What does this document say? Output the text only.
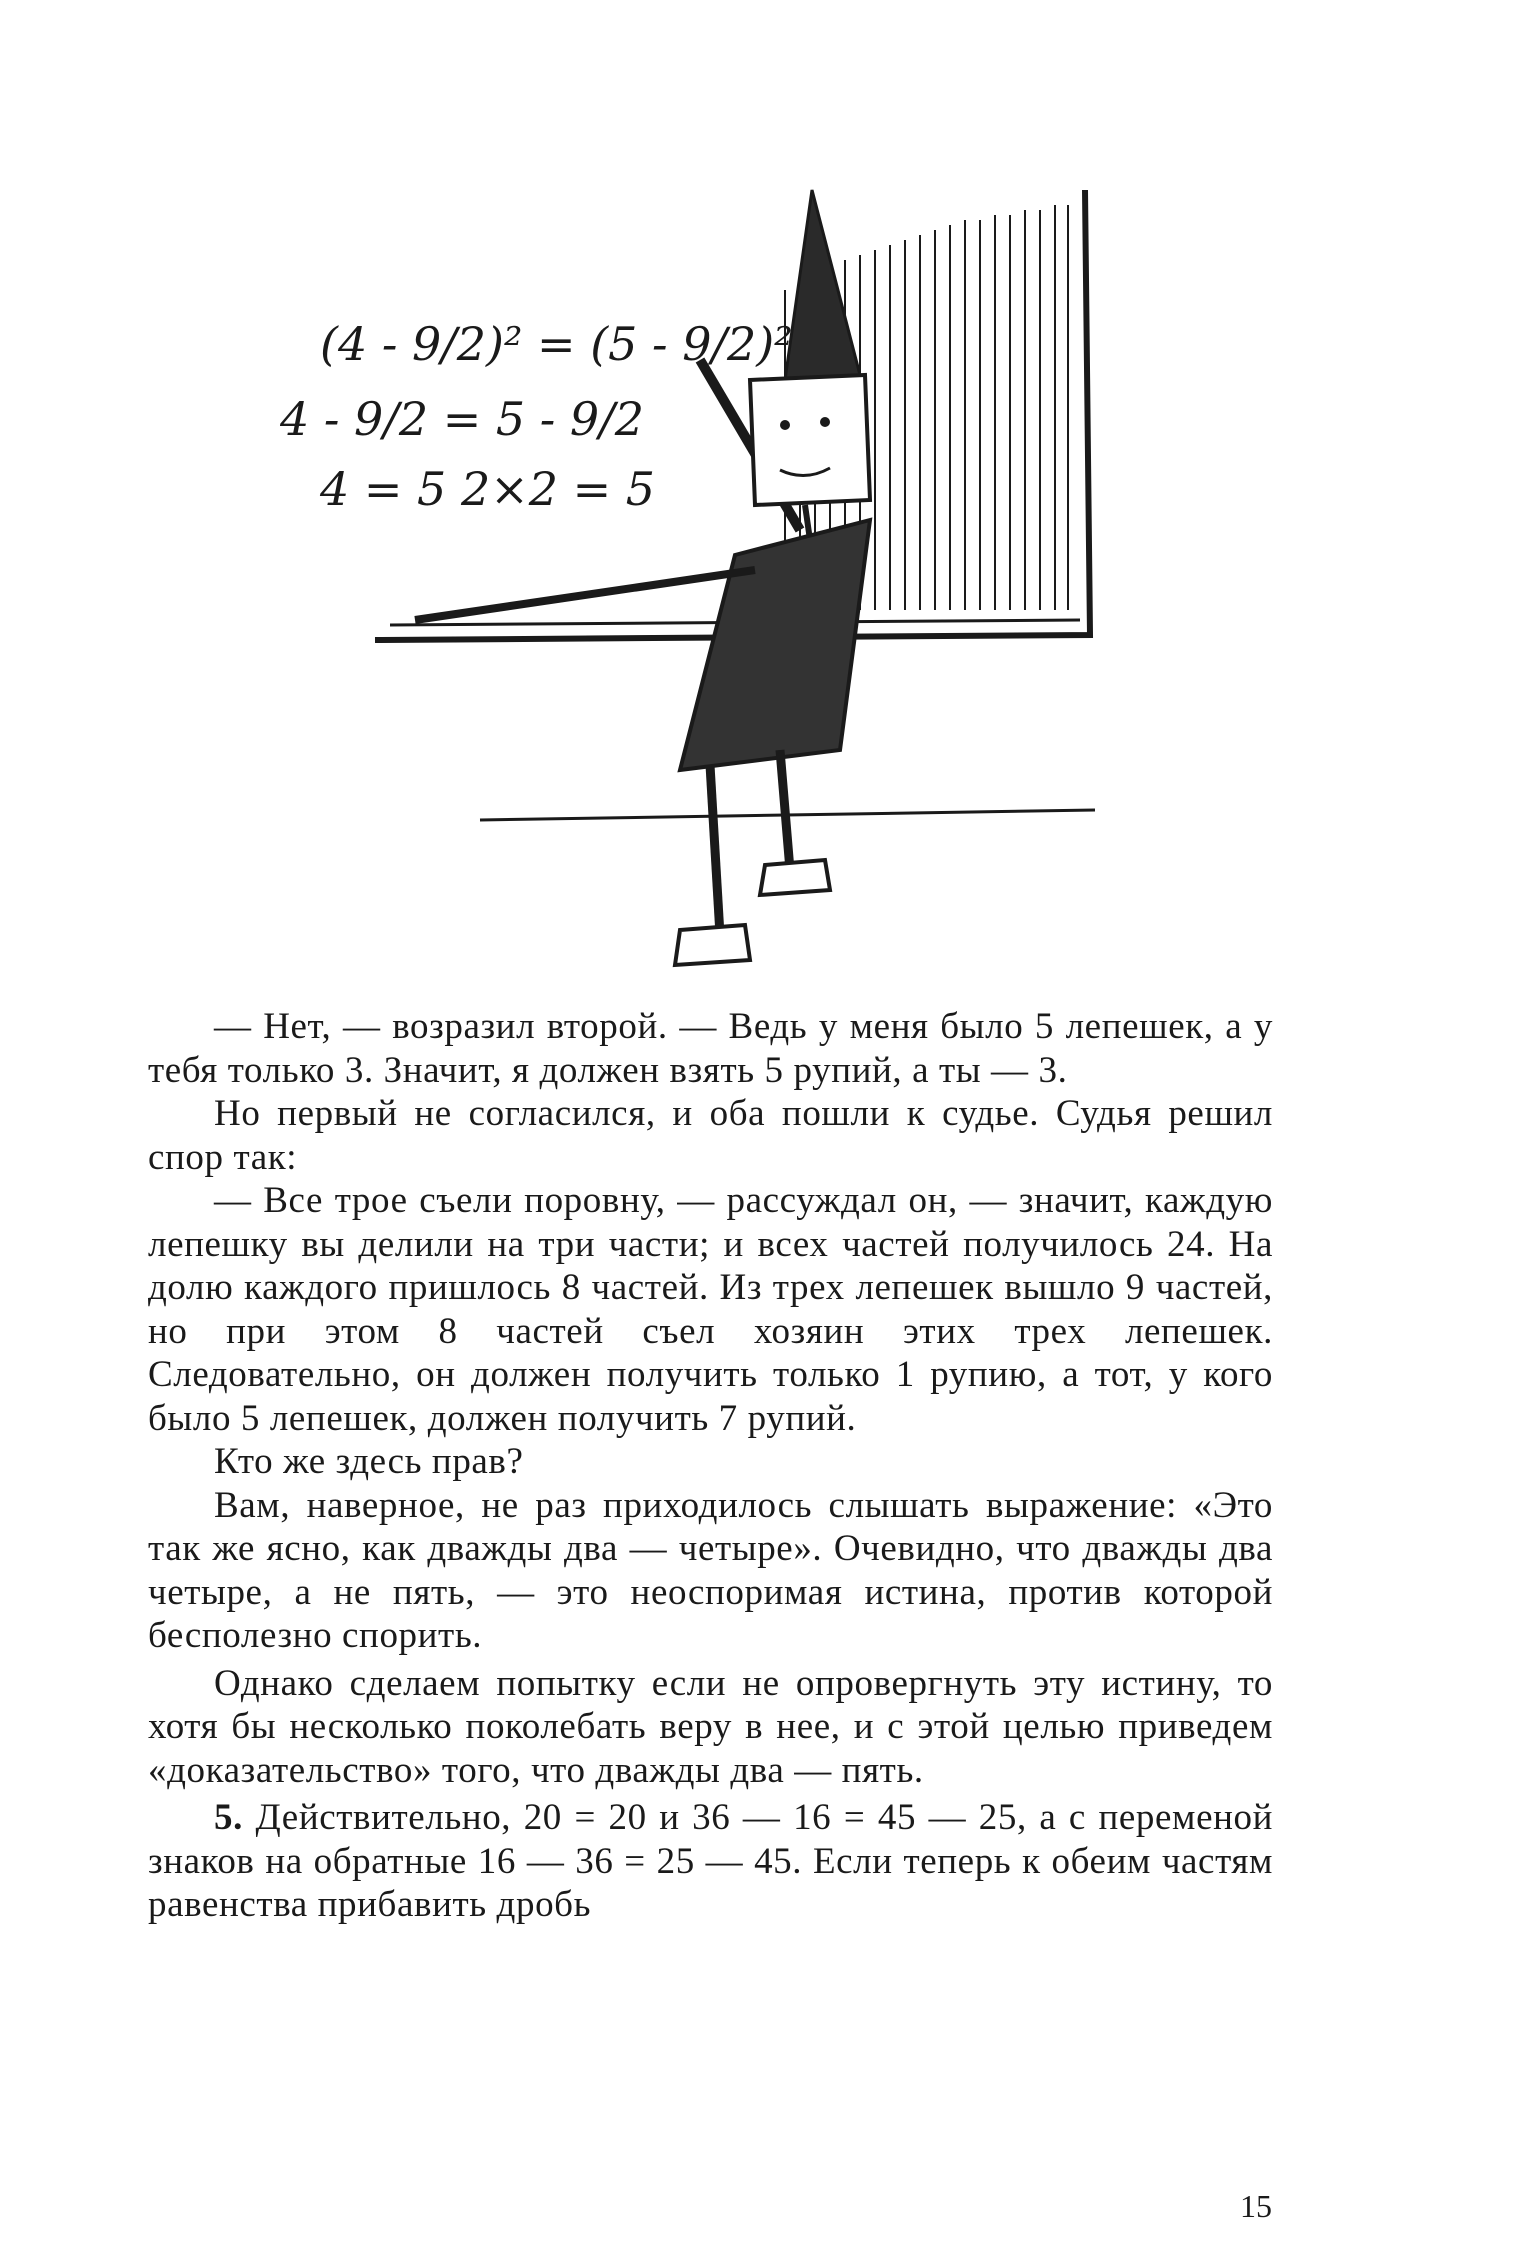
(4 - 9/2)² = (5 - 9/2)²
4 - 9/2 = 5 - 9/2
4 = 5 2×2 = 5

— Нет, — возразил второй. — Ведь у меня было 5 лепешек, а у тебя только 3. Значит, я должен взять 5 рупий, а ты — 3.

Но первый не согласился, и оба пошли к судье. Судья решил спор так:

— Все трое съели поровну, — рассуждал он, — значит, каждую лепешку вы делили на три части; и всех частей получилось 24. На долю каждого пришлось 8 частей. Из трех лепешек вышло 9 частей, но при этом 8 частей съел хозяин этих трех лепешек. Следовательно, он должен получить только 1 рупию, а тот, у кого было 5 лепешек, должен получить 7 рупий.

Кто же здесь прав?

Вам, наверное, не раз приходилось слышать выражение: «Это так же ясно, как дважды два — четыре». Очевидно, что дважды два четыре, а не пять, — это неоспоримая истина, против которой бесполезно спорить.

Однако сделаем попытку если не опровергнуть эту истину, то хотя бы несколько поколебать веру в нее, и с этой целью приведем «доказательство» того, что дважды два — пять.

5. Действительно, 20 = 20 и 36 — 16 = 45 — 25, а с переменой знаков на обратные 16 — 36 = 25 — 45. Если теперь к обеим частям равенства прибавить дробь

15
